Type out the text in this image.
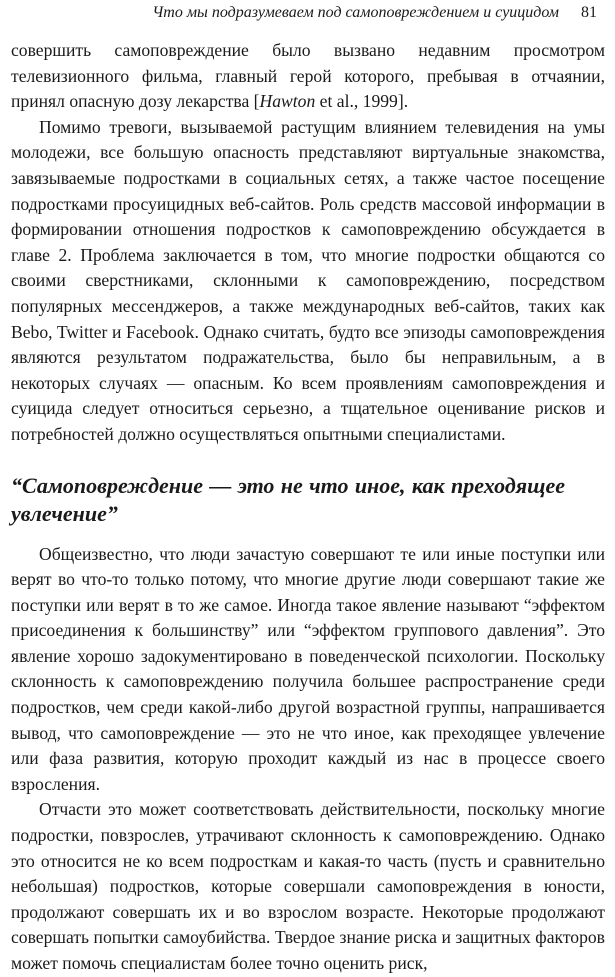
Что мы подразумеваем под самоповреждением и суицидом 81

совершить самоповреждение было вызвано недавним просмотром телевизионного фильма, главный герой которого, пребывая в отчаянии, принял опасную дозу лекарства [Hawton et al., 1999].

Помимо тревоги, вызываемой растущим влиянием телевидения на умы молодежи, все большую опасность представляют виртуальные знакомства, завязываемые подростками в социальных сетях, а также частое посещение подростками просуицидных веб-сайтов. Роль средств массовой информации в формировании отношения подростков к самоповреждению обсуждается в главе 2. Проблема заключается в том, что многие подростки общаются со своими сверстниками, склонными к самоповреждению, посредством популярных мессенджеров, а также международных веб-сайтов, таких как Bebo, Twitter и Facebook. Однако считать, будто все эпизоды самоповреждения являются результатом подражательства, было бы неправильным, а в некоторых случаях — опасным. Ко всем проявлениям самоповреждения и суицида следует относиться серьезно, а тщательное оценивание рисков и потребностей должно осуществляться опытными специалистами.

“Самоповреждение — это не что иное, как преходящее увлечение”

Общеизвестно, что люди зачастую совершают те или иные поступки или верят во что-то только потому, что многие другие люди совершают такие же поступки или верят в то же самое. Иногда такое явление называют “эффектом присоединения к большинству” или “эффектом группового давления”. Это явление хорошо задокументировано в поведенческой психологии. Поскольку склонность к самоповреждению получила большее распространение среди подростков, чем среди какой-либо другой возрастной группы, напрашивается вывод, что самоповреждение — это не что иное, как преходящее увлечение или фаза развития, которую проходит каждый из нас в процессе своего взросления.

Отчасти это может соответствовать действительности, поскольку многие подростки, повзрослев, утрачивают склонность к самоповреждению. Однако это относится не ко всем подросткам и какая-то часть (пусть и сравнительно небольшая) подростков, которые совершали самоповреждения в юности, продолжают совершать их и во взрослом возрасте. Некоторые продолжают совершать попытки самоубийства. Твердое знание риска и защитных факторов может помочь специалистам более точно оценить риск,
